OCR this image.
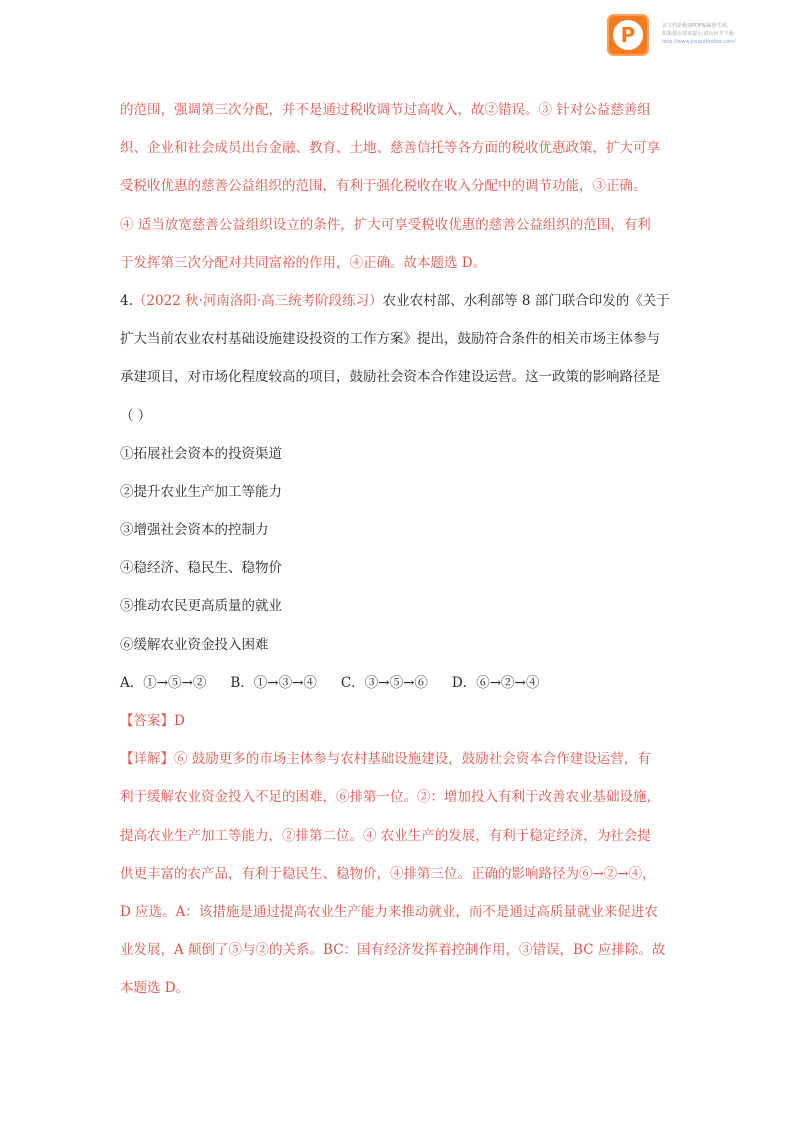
P	该文档是极速PDF编辑器生成,
如果想去掉该提示,请访问并下载:
http://www.jisupdfeditor.com/
的范围，强调第三次分配，并不是通过税收调节过高收入，故②错误。③ 针对公益慈善组
织、企业和社会成员出台金融、教育、土地、慈善信托等各方面的税收优惠政策，扩大可享
受税收优惠的慈善公益组织的范围，有利于强化税收在收入分配中的调节功能，③正确。
④ 适当放宽慈善公益组织设立的条件，扩大可享受税收优惠的慈善公益组织的范围，有利
于发挥第三次分配对共同富裕的作用，④正确。故本题选 D。
4.（2022 秋·河南洛阳·高三统考阶段练习）农业农村部、水利部等 8 部门联合印发的《关于
扩大当前农业农村基础设施建设投资的工作方案》提出，鼓励符合条件的相关市场主体参与
承建项目，对市场化程度较高的项目，鼓励社会资本合作建设运营。这一政策的影响路径是
（ ）
①拓展社会资本的投资渠道
②提升农业生产加工等能力
③增强社会资本的控制力
④稳经济、稳民生、稳物价
⑤推动农民更高质量的就业
⑥缓解农业资金投入困难
A．①→⑤→② B．①→③→④ C．③→⑤→⑥ D．⑥→②→④
【答案】D
【详解】⑥ 鼓励更多的市场主体参与农村基础设施建设，鼓励社会资本合作建设运营，有
利于缓解农业资金投入不足的困难，⑥排第一位。②：增加投入有利于改善农业基础设施，
提高农业生产加工等能力，②排第二位。④ 农业生产的发展，有利于稳定经济，为社会提
供更丰富的农产品，有利于稳民生、稳物价，④排第三位。正确的影响路径为⑥→②→④，
D 应选。A：该措施是通过提高农业生产能力来推动就业，而不是通过高质量就业来促进农
业发展，A 颠倒了⑤与②的关系。BC：国有经济发挥着控制作用，③错误，BC 应排除。故
本题选 D。
